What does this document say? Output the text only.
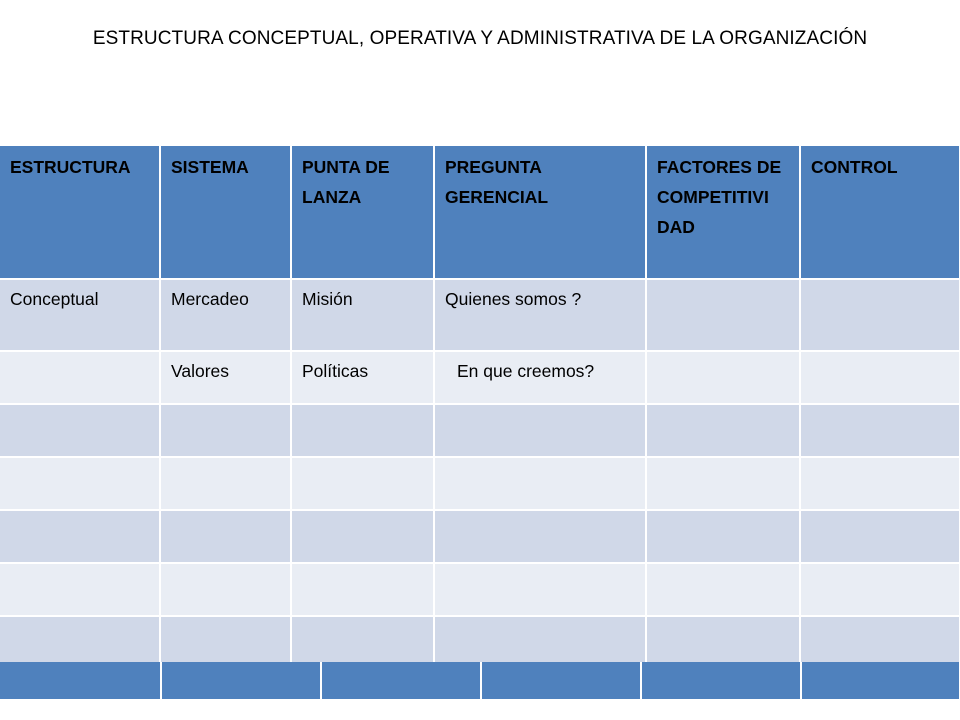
ESTRUCTURA CONCEPTUAL, OPERATIVA Y ADMINISTRATIVA DE LA ORGANIZACIÓN
ESTRUCTURA	SISTEMA	PUNTA DE LANZA	PREGUNTA GERENCIAL	FACTORES DE COMPETITIVI DAD	CONTROL
Conceptual	Mercadeo	Misión	Quienes somos ?		
	Valores	Políticas	En que creemos?		
